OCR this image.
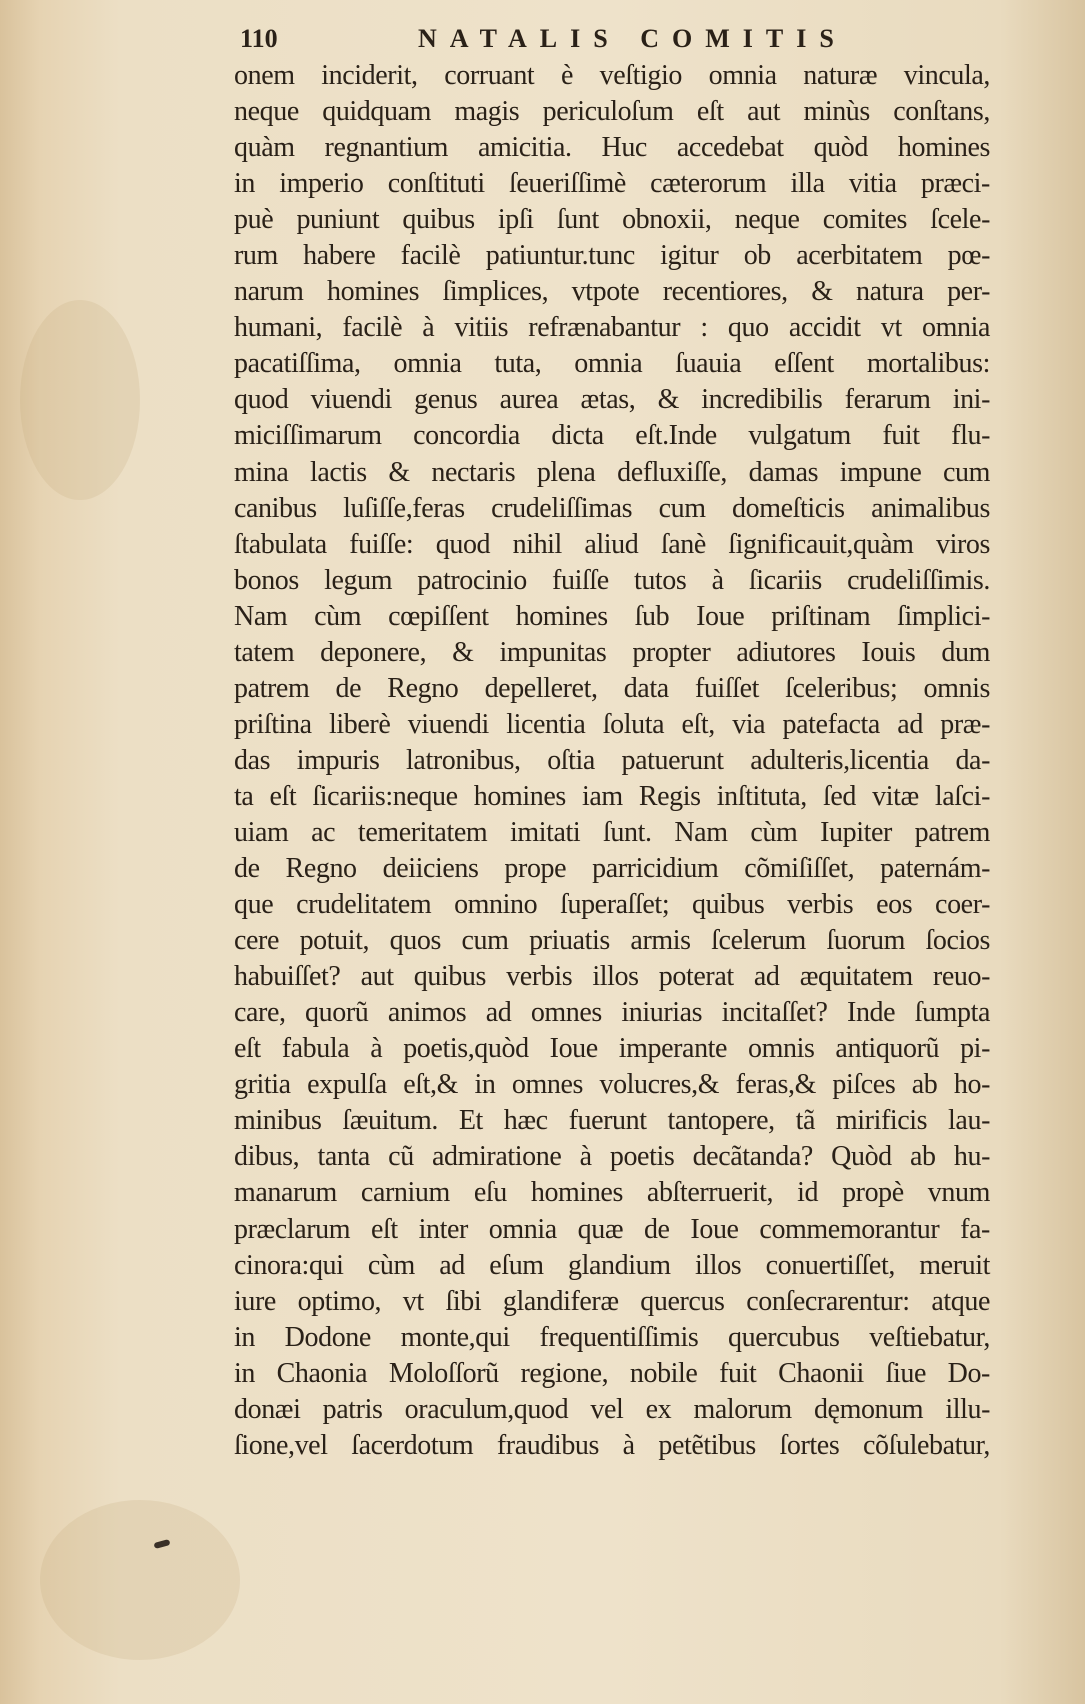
110	NATALIS COMITIS
onem inciderit, corruant è veſtigio omnia naturæ vincula,
neque quidquam magis periculoſum eſt aut minùs conſtans,
quàm regnantium amicitia. Huc accedebat quòd homines
in imperio conſtituti ſeueriſſimè cæterorum illa vitia præci-
puè puniunt quibus ipſi ſunt obnoxii, neque comites ſcele-
rum habere facilè patiuntur.tunc igitur ob acerbitatem pœ-
narum homines ſimplices, vtpote recentiores, & natura per-
humani, facilè à vitiis refrænabantur : quo accidit vt omnia
pacatiſſima, omnia tuta, omnia ſuauia eſſent mortalibus:
quod viuendi genus aurea ætas, & incredibilis ferarum ini-
miciſſimarum concordia dicta eſt.Inde vulgatum fuit flu-
mina lactis & nectaris plena defluxiſſe, damas impune cum
canibus luſiſſe,feras crudeliſſimas cum domeſticis animalibus
ſtabulata fuiſſe: quod nihil aliud ſanè ſignificauit,quàm viros
bonos legum patrocinio fuiſſe tutos à ſicariis crudeliſſimis.
Nam cùm cœpiſſent homines ſub Ioue priſtinam ſimplici-
tatem deponere, & impunitas propter adiutores Iouis dum
patrem de Regno depelleret, data fuiſſet ſceleribus; omnis
priſtina liberè viuendi licentia ſoluta eſt, via patefacta ad præ-
das impuris latronibus, oſtia patuerunt adulteris,licentia da-
ta eſt ſicariis:neque homines iam Regis inſtituta, ſed vitæ laſci-
uiam ac temeritatem imitati ſunt. Nam cùm Iupiter patrem
de Regno deiiciens prope parricidium cõmiſiſſet, paternám-
que crudelitatem omnino ſuperaſſet; quibus verbis eos coer-
cere potuit, quos cum priuatis armis ſcelerum ſuorum ſocios
habuiſſet? aut quibus verbis illos poterat ad æquitatem reuo-
care, quorũ animos ad omnes iniurias incitaſſet? Inde ſumpta
eſt fabula à poetis,quòd Ioue imperante omnis antiquorũ pi-
gritia expulſa eſt,& in omnes volucres,& feras,& piſces ab ho-
minibus ſæuitum. Et hæc fuerunt tantopere, tã mirificis lau-
dibus, tanta cũ admiratione à poetis decãtanda? Quòd ab hu-
manarum carnium eſu homines abſterruerit, id propè vnum
præclarum eſt inter omnia quæ de Ioue commemorantur fa-
cinora:qui cùm ad eſum glandium illos conuertiſſet, meruit
iure optimo, vt ſibi glandiferæ quercus conſecrarentur: atque
in Dodone monte,qui frequentiſſimis quercubus veſtiebatur,
in Chaonia Moloſſorũ regione, nobile fuit Chaonii ſiue Do-
donæi patris oraculum,quod vel ex malorum dęmonum illu-
ſione,vel ſacerdotum fraudibus à petẽtibus ſortes cõſulebatur,
